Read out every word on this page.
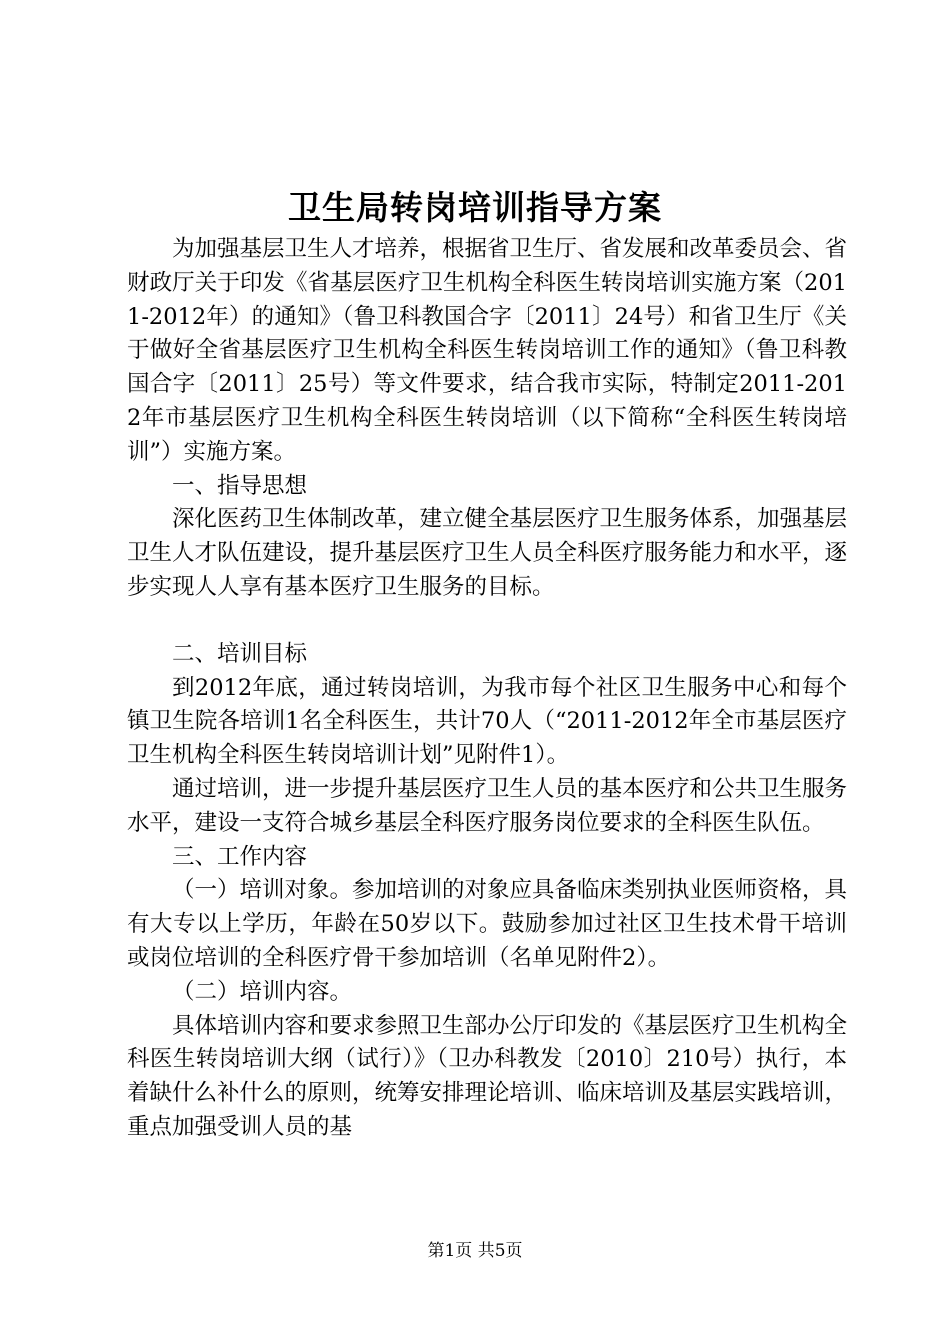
卫生局转岗培训指导方案

为加强基层卫生人才培养，根据省卫生厅、省发展和改革委员会、省财政厅关于印发《省基层医疗卫生机构全科医生转岗培训实施方案（2011-2012年）的通知》（鲁卫科教国合字〔2011〕24号）和省卫生厅《关于做好全省基层医疗卫生机构全科医生转岗培训工作的通知》（鲁卫科教国合字〔2011〕25号）等文件要求，结合我市实际，特制定2011-2012年市基层医疗卫生机构全科医生转岗培训（以下简称“全科医生转岗培训”）实施方案。

一、指导思想

深化医药卫生体制改革，建立健全基层医疗卫生服务体系，加强基层卫生人才队伍建设，提升基层医疗卫生人员全科医疗服务能力和水平，逐步实现人人享有基本医疗卫生服务的目标。

二、培训目标

到2012年底，通过转岗培训，为我市每个社区卫生服务中心和每个镇卫生院各培训1名全科医生，共计70人（“2011-2012年全市基层医疗卫生机构全科医生转岗培训计划”见附件1）。

通过培训，进一步提升基层医疗卫生人员的基本医疗和公共卫生服务水平，建设一支符合城乡基层全科医疗服务岗位要求的全科医生队伍。

三、工作内容

（一）培训对象。参加培训的对象应具备临床类别执业医师资格，具有大专以上学历，年龄在50岁以下。鼓励参加过社区卫生技术骨干培训或岗位培训的全科医疗骨干参加培训（名单见附件2）。

（二）培训内容。

具体培训内容和要求参照卫生部办公厅印发的《基层医疗卫生机构全科医生转岗培训大纲（试行）》（卫办科教发〔2010〕210号）执行，本着缺什么补什么的原则，统筹安排理论培训、临床培训及基层实践培训，重点加强受训人员的基

第1页 共5页
